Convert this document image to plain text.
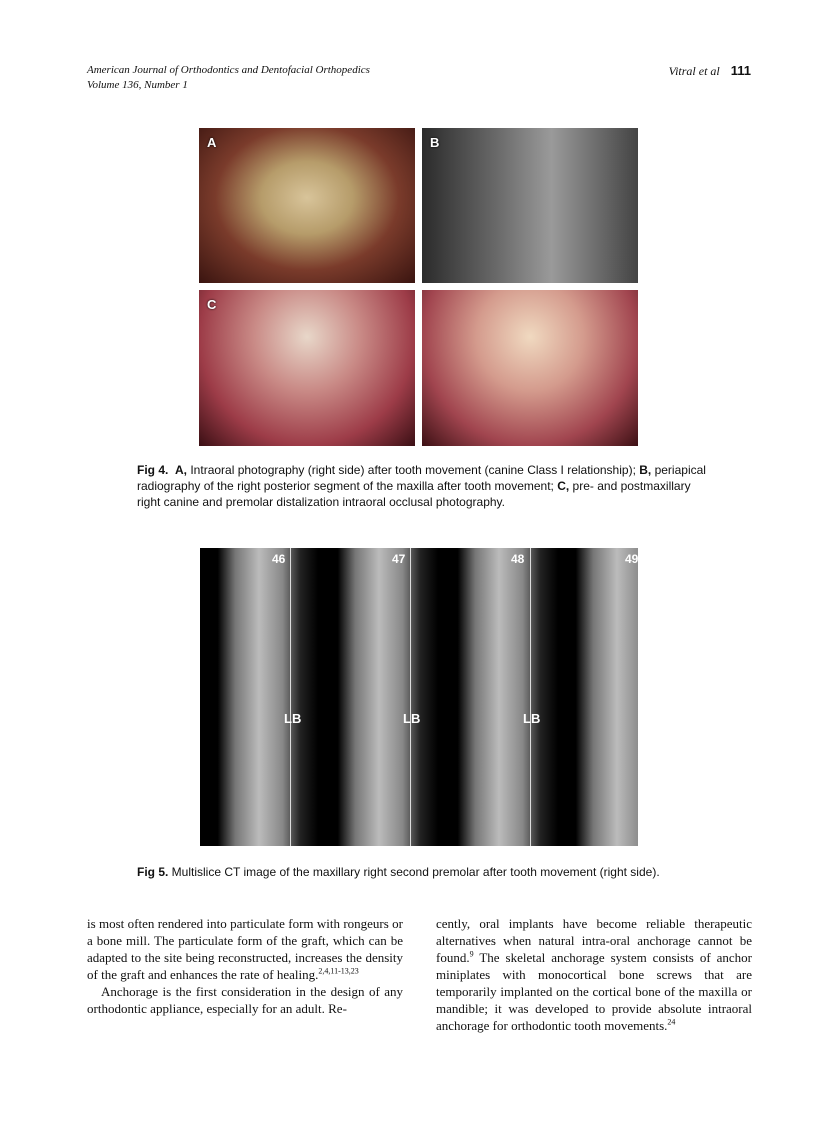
American Journal of Orthodontics and Dentofacial Orthopedics
Volume 136, Number 1
Vitral et al 111
A	B
C
Fig 4. A, Intraoral photography (right side) after tooth movement (canine Class I relationship); B, periapical radiography of the right posterior segment of the maxilla after tooth movement; C, pre- and postmaxillary right canine and premolar distalization intraoral occlusal photography.
46	47	48	49
LB	LB	LB
Fig 5. Multislice CT image of the maxillary right second premolar after tooth movement (right side).

is most often rendered into particulate form with rongeurs or a bone mill. The particulate form of the graft, which can be adapted to the site being reconstructed, increases the density of the graft and enhances the rate of healing.$^{2,4,11-13,23}$

Anchorage is the first consideration in the design of any orthodontic appliance, especially for an adult. Re-

cently, oral implants have become reliable therapeutic alternatives when natural intra-oral anchorage cannot be found.$^9$ The skeletal anchorage system consists of anchor miniplates with monocortical bone screws that are temporarily implanted on the cortical bone of the maxilla or mandible; it was developed to provide absolute intraoral anchorage for orthodontic tooth movements.$^{24}$
